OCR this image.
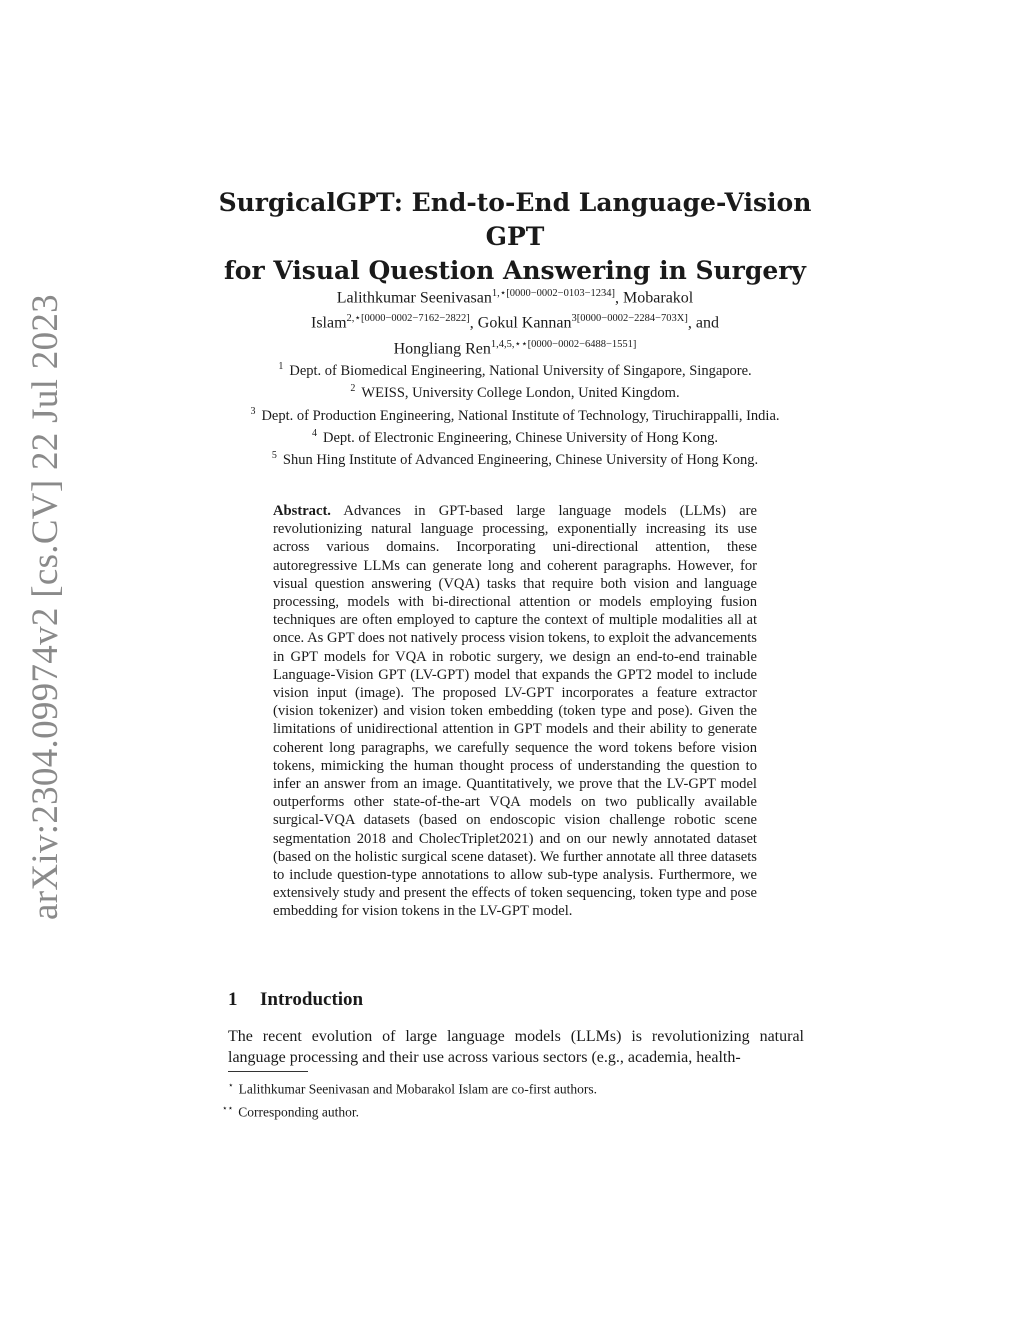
arXiv:2304.09974v2 [cs.CV] 22 Jul 2023
SurgicalGPT: End-to-End Language-Vision GPT
for Visual Question Answering in Surgery
Lalithkumar Seenivasan$^{1,⋆[0000-0002-0103-1234]}$, Mobarakol
Islam$^{2,⋆[0000-0002-7162-2822]}$, Gokul Kannan$^{3[0000-0002-2284-703X]}$, and
Hongliang Ren$^{1,4,5,⋆⋆[0000-0002-6488-1551]}$
$^1$ Dept. of Biomedical Engineering, National University of Singapore, Singapore.
$^2$ WEISS, University College London, United Kingdom.
$^3$ Dept. of Production Engineering, National Institute of Technology, Tiruchirappalli, India.
$^4$ Dept. of Electronic Engineering, Chinese University of Hong Kong.
$^5$ Shun Hing Institute of Advanced Engineering, Chinese University of Hong Kong.
Abstract. Advances in GPT-based large language models (LLMs) are revolutionizing natural language processing, exponentially increasing its use across various domains. Incorporating uni-directional attention, these autoregressive LLMs can generate long and coherent paragraphs. However, for visual question answering (VQA) tasks that require both vision and language processing, models with bi-directional attention or models employing fusion techniques are often employed to capture the context of multiple modalities all at once. As GPT does not natively process vision tokens, to exploit the advancements in GPT models for VQA in robotic surgery, we design an end-to-end trainable Language-Vision GPT (LV-GPT) model that expands the GPT2 model to include vision input (image). The proposed LV-GPT incorporates a feature extractor (vision tokenizer) and vision token embedding (token type and pose). Given the limitations of unidirectional attention in GPT models and their ability to generate coherent long paragraphs, we carefully sequence the word tokens before vision tokens, mimicking the human thought process of understanding the question to infer an answer from an image. Quantitatively, we prove that the LV-GPT model outperforms other state-of-the-art VQA models on two publically available surgical-VQA datasets (based on endoscopic vision challenge robotic scene segmentation 2018 and CholecTriplet2021) and on our newly annotated dataset (based on the holistic surgical scene dataset). We further annotate all three datasets to include question-type annotations to allow sub-type analysis. Furthermore, we extensively study and present the effects of token sequencing, token type and pose embedding for vision tokens in the LV-GPT model.
1 Introduction
The recent evolution of large language models (LLMs) is revolutionizing natural language processing and their use across various sectors (e.g., academia, health-
⋆ Lalithkumar Seenivasan and Mobarakol Islam are co-first authors.
⋆⋆ Corresponding author.
